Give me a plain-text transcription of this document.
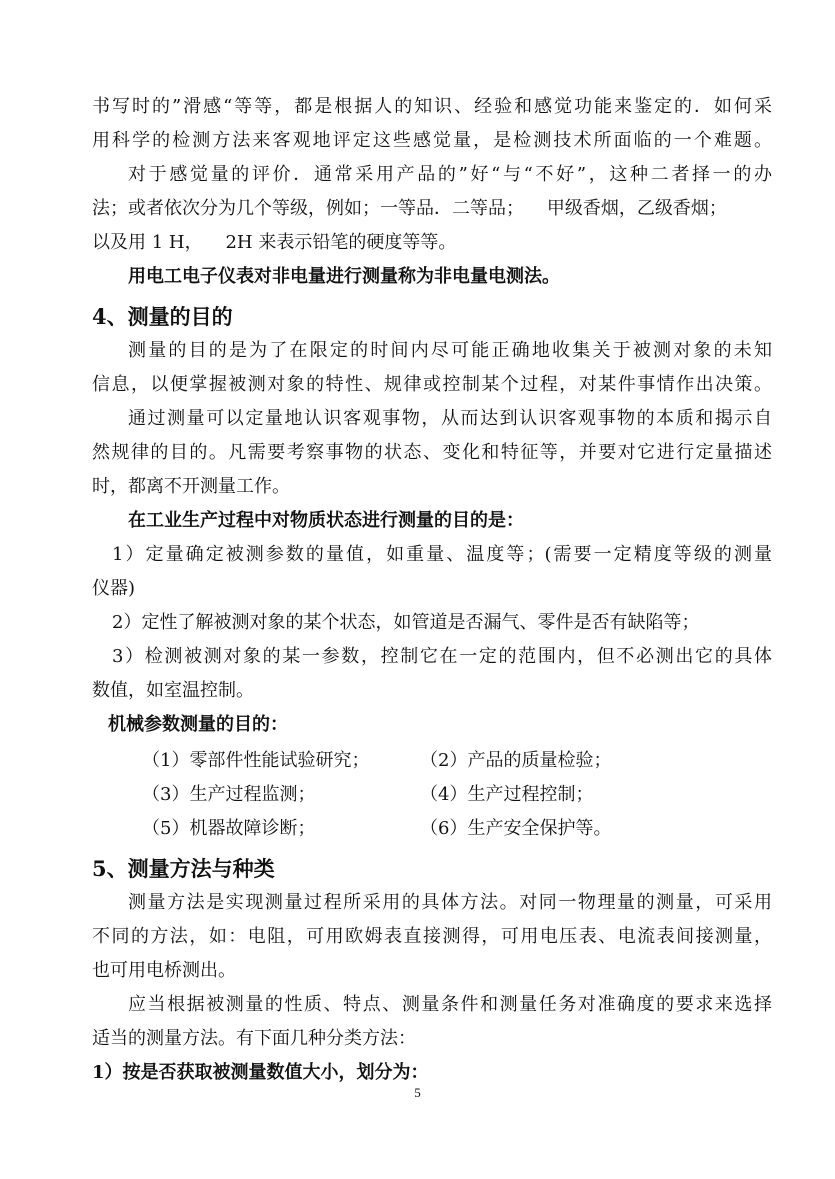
书写时的”滑感“等等，都是根据人的知识、经验和感觉功能来鉴定的．如何采
用科学的检测方法来客观地评定这些感觉量，是检测技术所面临的一个难题。
对于感觉量的评价．通常采用产品的”好“与“不好”，这种二者择一的办
法；或者依次分为几个等级，例如；一等品．二等品；    甲级香烟，乙级香烟；
以及用 1 H，    2H 来表示铅笔的硬度等等。
用电工电子仪表对非电量进行测量称为非电量电测法。
4、测量的目的
测量的目的是为了在限定的时间内尽可能正确地收集关于被测对象的未知
信息，以便掌握被测对象的特性、规律或控制某个过程，对某件事情作出决策。
通过测量可以定量地认识客观事物，从而达到认识客观事物的本质和揭示自
然规律的目的。凡需要考察事物的状态、变化和特征等，并要对它进行定量描述
时，都离不开测量工作。
在工业生产过程中对物质状态进行测量的目的是：
1）定量确定被测参数的量值，如重量、温度等；(需要一定精度等级的测量
仪器)
2）定性了解被测对象的某个状态，如管道是否漏气、零件是否有缺陷等；
3）检测被测对象的某一参数，控制它在一定的范围内，但不必测出它的具体
数值，如室温控制。
机械参数测量的目的：
（1）零部件性能试验研究；	（2）产品的质量检验；
（3）生产过程监测；	（4）生产过程控制；
（5）机器故障诊断；	（6）生产安全保护等。
5、测量方法与种类
测量方法是实现测量过程所采用的具体方法。对同一物理量的测量，可采用
不同的方法，如：电阻，可用欧姆表直接测得，可用电压表、电流表间接测量，
也可用电桥测出。
应当根据被测量的性质、特点、测量条件和测量任务对准确度的要求来选择
适当的测量方法。有下面几种分类方法：
1）按是否获取被测量数值大小，划分为：
5
